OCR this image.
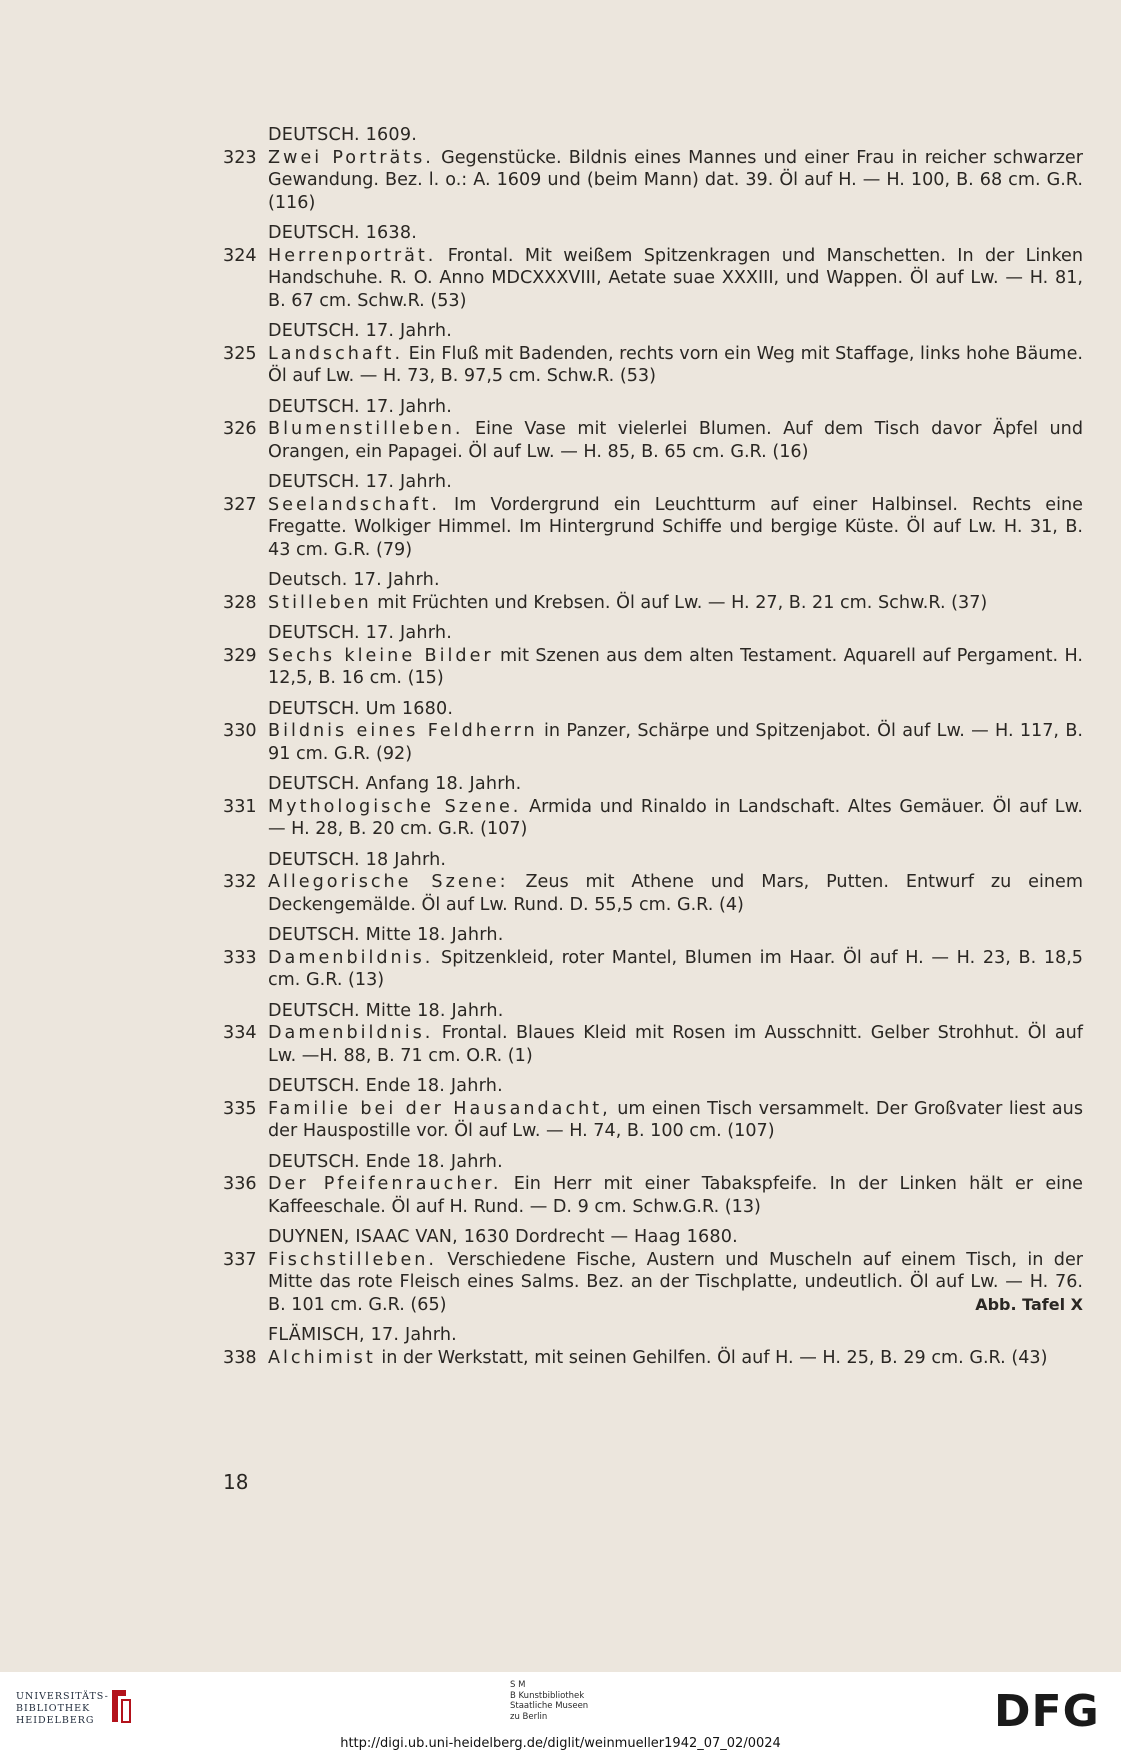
DEUTSCH. 1609.
323 Zwei Porträts. Gegenstücke. Bildnis eines Mannes und einer Frau in reicher schwarzer Gewandung. Bez. l. o.: A. 1609 und (beim Mann) dat. 39. Öl auf H. — H. 100, B. 68 cm. G.R. (116)
DEUTSCH. 1638.
324 Herrenporträt. Frontal. Mit weißem Spitzenkragen und Manschetten. In der Linken Handschuhe. R. O. Anno MDCXXXVIII, Aetate suae XXXIII, und Wappen. Öl auf Lw. — H. 81, B. 67 cm. Schw.R. (53)
DEUTSCH. 17. Jahrh.
325 Landschaft. Ein Fluß mit Badenden, rechts vorn ein Weg mit Staffage, links hohe Bäume. Öl auf Lw. — H. 73, B. 97,5 cm. Schw.R. (53)
DEUTSCH. 17. Jahrh.
326 Blumenstilleben. Eine Vase mit vielerlei Blumen. Auf dem Tisch davor Äpfel und Orangen, ein Papagei. Öl auf Lw. — H. 85, B. 65 cm. G.R. (16)
DEUTSCH. 17. Jahrh.
327 Seelandschaft. Im Vordergrund ein Leuchtturm auf einer Halbinsel. Rechts eine Fregatte. Wolkiger Himmel. Im Hintergrund Schiffe und bergige Küste. Öl auf Lw. H. 31, B. 43 cm. G.R. (79)
Deutsch. 17. Jahrh.
328 Stilleben mit Früchten und Krebsen. Öl auf Lw. — H. 27, B. 21 cm. Schw.R. (37)
DEUTSCH. 17. Jahrh.
329 Sechs kleine Bilder mit Szenen aus dem alten Testament. Aquarell auf Pergament. H. 12,5, B. 16 cm. (15)
DEUTSCH. Um 1680.
330 Bildnis eines Feldherrn in Panzer, Schärpe und Spitzenjabot. Öl auf Lw. — H. 117, B. 91 cm. G.R. (92)
DEUTSCH. Anfang 18. Jahrh.
331 Mythologische Szene. Armida und Rinaldo in Landschaft. Altes Gemäuer. Öl auf Lw. — H. 28, B. 20 cm. G.R. (107)
DEUTSCH. 18 Jahrh.
332 Allegorische Szene: Zeus mit Athene und Mars, Putten. Entwurf zu einem Deckengemälde. Öl auf Lw. Rund. D. 55,5 cm. G.R. (4)
DEUTSCH. Mitte 18. Jahrh.
333 Damenbildnis. Spitzenkleid, roter Mantel, Blumen im Haar. Öl auf H. — H. 23, B. 18,5 cm. G.R. (13)
DEUTSCH. Mitte 18. Jahrh.
334 Damenbildnis. Frontal. Blaues Kleid mit Rosen im Ausschnitt. Gelber Strohhut. Öl auf Lw. —H. 88, B. 71 cm. O.R. (1)
DEUTSCH. Ende 18. Jahrh.
335 Familie bei der Hausandacht, um einen Tisch versammelt. Der Großvater liest aus der Hauspostille vor. Öl auf Lw. — H. 74, B. 100 cm. (107)
DEUTSCH. Ende 18. Jahrh.
336 Der Pfeifenraucher. Ein Herr mit einer Tabakspfeife. In der Linken hält er eine Kaffeeschale. Öl auf H. Rund. — D. 9 cm. Schw.G.R. (13)
DUYNEN, ISAAC VAN, 1630 Dordrecht — Haag 1680.
337 Fischstilleben. Verschiedene Fische, Austern und Muscheln auf einem Tisch, in der Mitte das rote Fleisch eines Salms. Bez. an der Tischplatte, undeutlich. Öl auf Lw. — H. 76. B. 101 cm. G.R. (65)	Abb. Tafel X
FLÄMISCH, 17. Jahrh.
338 Alchimist in der Werkstatt, mit seinen Gehilfen. Öl auf H. — H. 25, B. 29 cm. G.R. (43)
18
UNIVERSITÄTS-
BIBLIOTHEK
HEIDELBERG
S M
B Kunstbibliothek
Staatliche Museen
zu Berlin	DFG
http://digi.ub.uni-heidelberg.de/diglit/weinmueller1942_07_02/0024
